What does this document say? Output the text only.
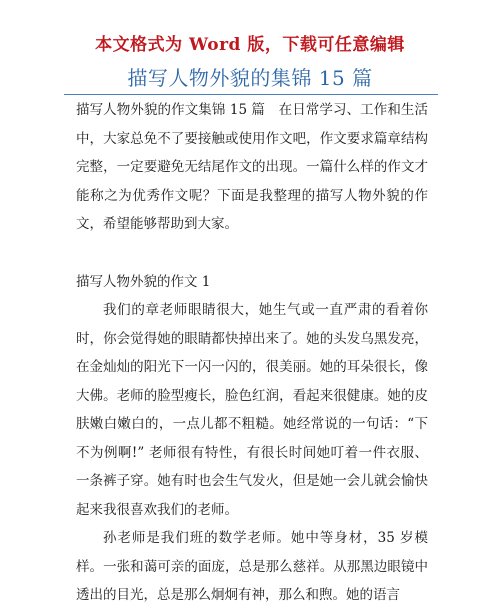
本文格式为 Word 版，下载可任意编辑
描写人物外貌的集锦 15 篇

描写人物外貌的作文集锦 15 篇　在日常学习、工作和生活中，大家总免不了要接触或使用作文吧，作文要求篇章结构完整，一定要避免无结尾作文的出现。一篇什么样的作文才能称之为优秀作文呢？下面是我整理的描写人物外貌的作文，希望能够帮助到大家。

描写人物外貌的作文 1

我们的章老师眼睛很大，她生气或一直严肃的看着你时，你会觉得她的眼睛都快掉出来了。她的头发乌黑发亮，在金灿灿的阳光下一闪一闪的，很美丽。她的耳朵很长，像大佛。老师的脸型瘦长，脸色红润，看起来很健康。她的皮肤嫩白嫩白的，一点儿都不粗糙。她经常说的一句话：“下不为例啊!” 老师很有特性，有很长时间她叮着一件衣服、一条裤子穿。她有时也会生气发火，但是她一会儿就会愉快起来我很喜欢我们的老师。

孙老师是我们班的数学老师。她中等身材，35 岁模样。一张和蔼可亲的面庞，总是那么慈祥。从那黑边眼镜中透出的目光，总是那么炯炯有神，那么和煦。她的语言
